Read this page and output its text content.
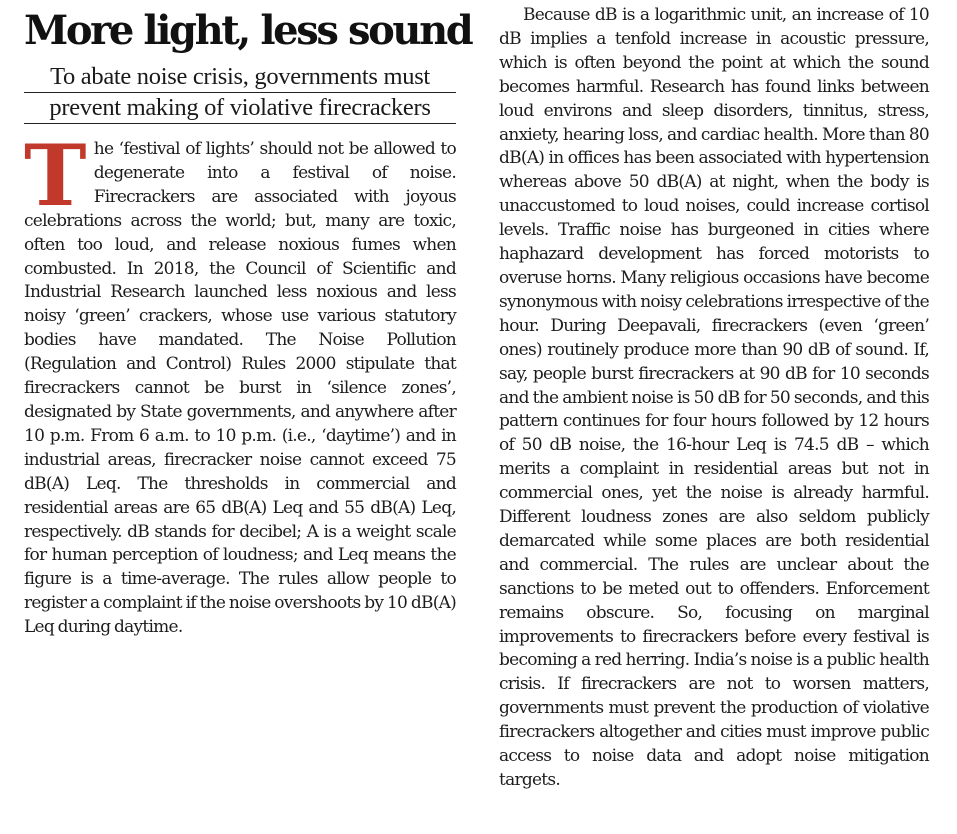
More light, less sound
To abate noise crisis, governments must
prevent making of violative firecrackers
T he ‘festival of lights’ should not be allowed to degenerate into a festival of noise. Firecrackers are associated with joyous celebrations across the world; but, many are toxic, often too loud, and release noxious fumes when combusted. In 2018, the Council of Scientific and Industrial Research launched less noxious and less noisy ‘green’ crackers, whose use various statutory bodies have mandated. The Noise Pollution (Regulation and Control) Rules 2000 stipulate that firecrackers cannot be burst in ‘silence zones’, designated by State governments, and anywhere after 10 p.m. From 6 a.m. to 10 p.m. (i.e., ‘daytime’) and in industrial areas, firecracker noise cannot exceed 75 dB(A) Leq. The thresholds in commercial and residential areas are 65 dB(A) Leq and 55 dB(A) Leq, respectively. dB stands for decibel; A is a weight scale for human perception of loudness; and Leq means the figure is a time-average. The rules allow people to register a complaint if the noise overshoots by 10 dB(A) Leq during daytime.
Because dB is a logarithmic unit, an increase of 10 dB implies a tenfold increase in acoustic pressure, which is often beyond the point at which the sound becomes harmful. Research has found links between loud environs and sleep disorders, tinnitus, stress, anxiety, hearing loss, and cardiac health. More than 80 dB(A) in offices has been associated with hypertension whereas above 50 dB(A) at night, when the body is unaccustomed to loud noises, could increase cortisol levels. Traffic noise has burgeoned in cities where haphazard development has forced motorists to overuse horns. Many religious occasions have become synonymous with noisy celebrations irrespective of the hour. During Deepavali, firecrackers (even ‘green’ ones) routinely produce more than 90 dB of sound. If, say, people burst firecrackers at 90 dB for 10 seconds and the ambient noise is 50 dB for 50 seconds, and this pattern continues for four hours followed by 12 hours of 50 dB noise, the 16-hour Leq is 74.5 dB – which merits a complaint in residential areas but not in commercial ones, yet the noise is already harmful. Different loudness zones are also seldom publicly demarcated while some places are both residential and commercial. The rules are unclear about the sanctions to be meted out to offenders. Enforcement remains obscure. So, focusing on marginal improvements to firecrackers before every festival is becoming a red herring. India’s noise is a public health crisis. If firecrackers are not to worsen matters, governments must prevent the production of violative firecrackers altogether and cities must improve public access to noise data and adopt noise mitigation targets.
